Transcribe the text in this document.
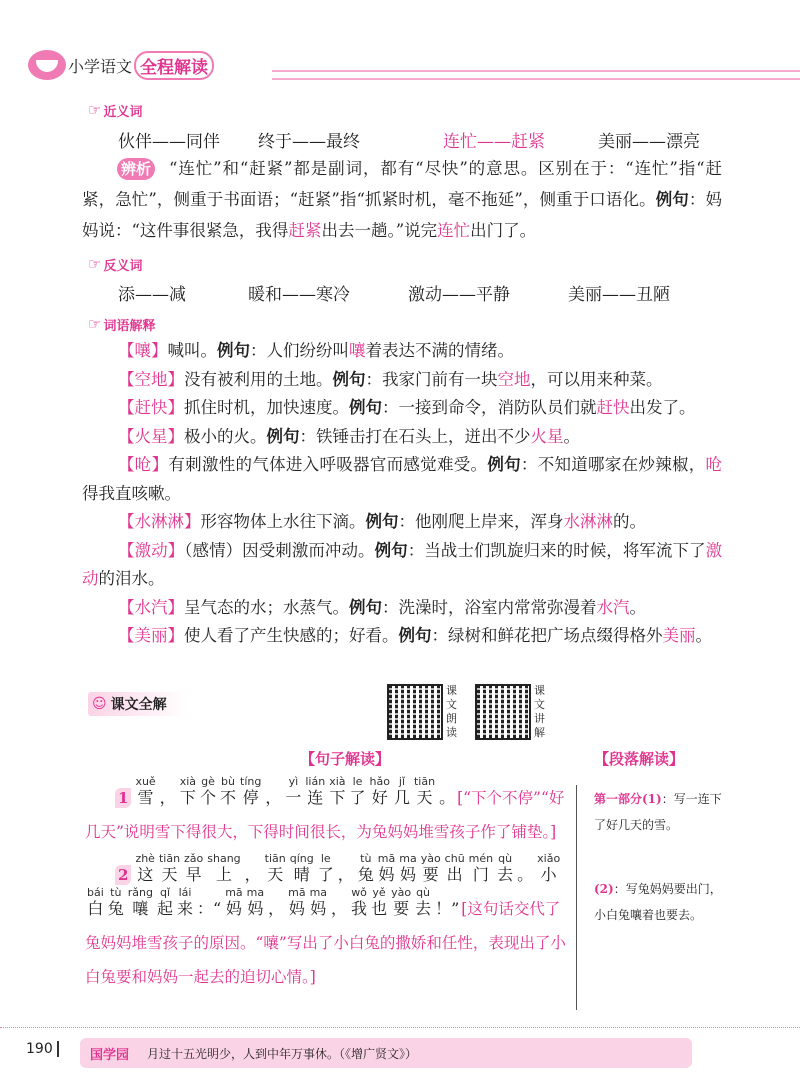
小学语文 全程解读
☞ 近义词
伙伴——同伴 终于——最终	连忙——赶紧	美丽——漂亮
辨析 “连忙”和“赶紧”都是副词，都有“尽快”的意思。区别在于：“连忙”指“赶紧，急忙”，侧重于书面语；“赶紧”指“抓紧时机，毫不拖延”，侧重于口语化。例句：妈妈说：“这件事很紧急，我得赶紧出去一趟。”说完连忙出门了。
☞ 反义词
添——减	暖和——寒冷	激动——平静	美丽——丑陋
☞ 词语解释
【嚷】喊叫。例句：人们纷纷叫嚷着表达不满的情绪。
【空地】没有被利用的土地。例句：我家门前有一块空地，可以用来种菜。
【赶快】抓住时机，加快速度。例句：一接到命令，消防队员们就赶快出发了。
【火星】极小的火。例句：铁锤击打在石头上，迸出不少火星。
【呛】有刺激性的气体进入呼吸器官而感觉难受。例句：不知道哪家在炒辣椒，呛得我直咳嗽。
【水淋淋】形容物体上水往下滴。例句：他刚爬上岸来，浑身水淋淋的。
【激动】（感情）因受刺激而冲动。例句：当战士们凯旋归来的时候，将军流下了激动的泪水。
【水汽】呈气态的水；水蒸气。例句：洗澡时，浴室内常常弥漫着水汽。
【美丽】使人看了产生快感的；好看。例句：绿树和鲜花把广场点缀得格外美丽。
☺ 课文全解
课文朗读
课文讲解
【句子解读】	【段落解读】
1 雪xuě， 下xià个gè不bù停tíng， 一yì连lián下xià了le好hǎo几jǐ天tiān。 [“下个不停”“好几天”说明雪下得很大，下得时间很长，为兔妈妈堆雪孩子作了铺垫。]
2 这zhè天tiān早zǎo上shang， 天tiān晴qíng了le， 兔tù妈mā妈ma要yào出chū门mén去qù。 小xiǎo白bái兔tù嚷rǎng起qǐ来lái：“ 妈mā妈ma， 妈mā妈ma， 我wǒ也yě要yào去qù！” [这句话交代了兔妈妈堆雪孩子的原因。“嚷”写出了小白兔的撒娇和任性，表现出了小白兔要和妈妈一起去的迫切心情。]
第一部分(1)：写一连下了好几天的雪。
(2)：写兔妈妈要出门，小白兔嚷着也要去。
190	国学园 月过十五光明少，人到中年万事休。（《增广贤文》）
